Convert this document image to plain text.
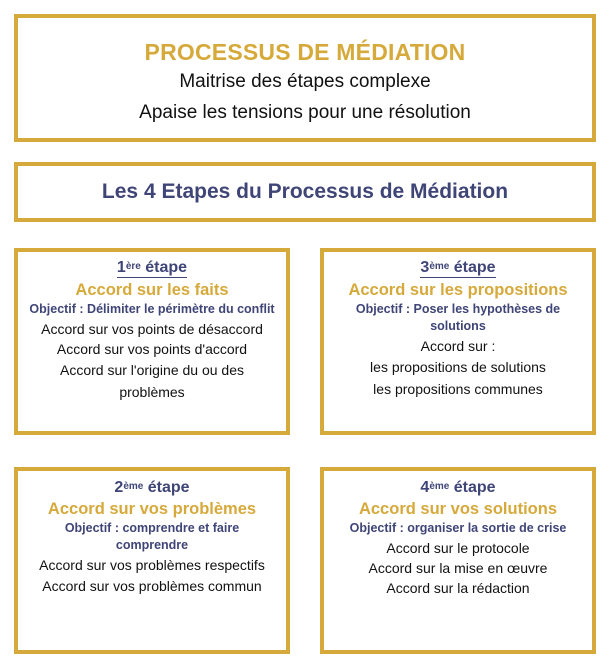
PROCESSUS DE MÉDIATION
Maitrise des étapes complexe
Apaise les tensions pour une résolution
Les 4 Etapes du Processus de Médiation
1ère étape
Accord sur les faits
Objectif : Délimiter le périmètre du conflit
Accord sur vos points de désaccord
Accord sur vos points d'accord
Accord sur l'origine du ou des problèmes
3ème étape
Accord sur les propositions
Objectif : Poser les hypothèses de solutions
Accord sur :
les propositions de solutions
les propositions communes
2ème étape
Accord sur vos problèmes
Objectif : comprendre et faire comprendre
Accord sur vos problèmes respectifs
Accord sur vos problèmes commun
4ème étape
Accord sur vos solutions
Objectif : organiser la sortie de crise
Accord sur le protocole
Accord sur la mise en œuvre
Accord sur la rédaction
